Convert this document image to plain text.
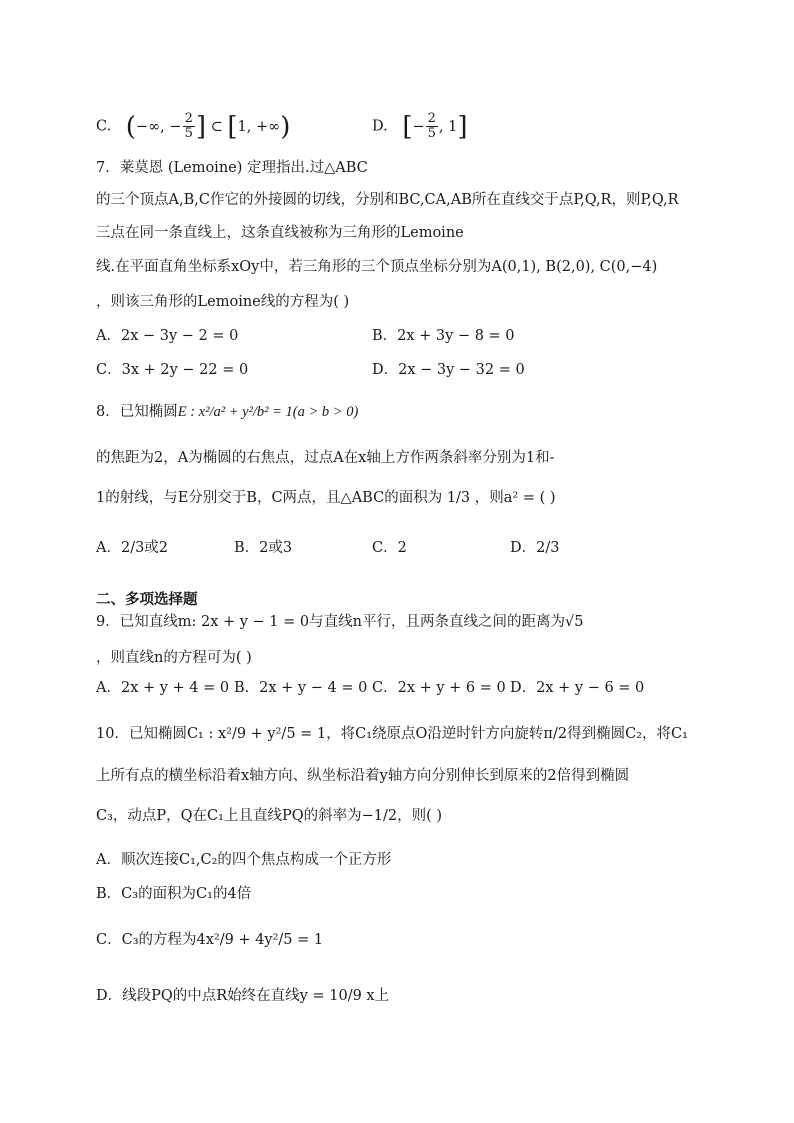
C. (−∞, − $\frac{2}{5}$ ] ⊂ [1, +∞)	D. [− $\frac{2}{5}$ , 1]
7．莱莫恩 (Lemoine) 定理指出.过△ABC
的三个顶点A,B,C作它的外接圆的切线，分别和BC,CA,AB所在直线交于点P,Q,R，则P,Q,R
三点在同一条直线上，这条直线被称为三角形的Lemoine
线.在平面直角坐标系xOy中，若三角形的三个顶点坐标分别为A(0,1), B(2,0), C(0,−4)
，则该三角形的Lemoine线的方程为( )
A．2x − 3y − 2 = 0	B．2x + 3y − 8 = 0
C．3x + 2y − 22 = 0	D．2x − 3y − 32 = 0
8．已知椭圆E : x²/a² + y²/b² = 1(a > b > 0)
的焦距为2，A为椭圆的右焦点，过点A在x轴上方作两条斜率分别为1和-
1的射线，与E分别交于B，C两点，且△ABC的面积为 1/3 ，则a² = ( )
A．2/3或2	B．2或3	C．2	D．2/3
二、多项选择题
9．已知直线m: 2x + y − 1 = 0与直线n平行，且两条直线之间的距离为√5
，则直线n的方程可为( )
A．2x + y + 4 = 0 B．2x + y − 4 = 0 C．2x + y + 6 = 0 D．2x + y − 6 = 0
10．已知椭圆C₁ : x²/9 + y²/5 = 1，将C₁绕原点O沿逆时针方向旋转π/2得到椭圆C₂，将C₁
上所有点的横坐标沿着x轴方向、纵坐标沿着y轴方向分别伸长到原来的2倍得到椭圆
C₃，动点P，Q在C₁上且直线PQ的斜率为−1/2，则( )
A．顺次连接C₁,C₂的四个焦点构成一个正方形
B．C₃的面积为C₁的4倍
C．C₃的方程为4x²/9 + 4y²/5 = 1
D．线段PQ的中点R始终在直线y = 10/9 x上
